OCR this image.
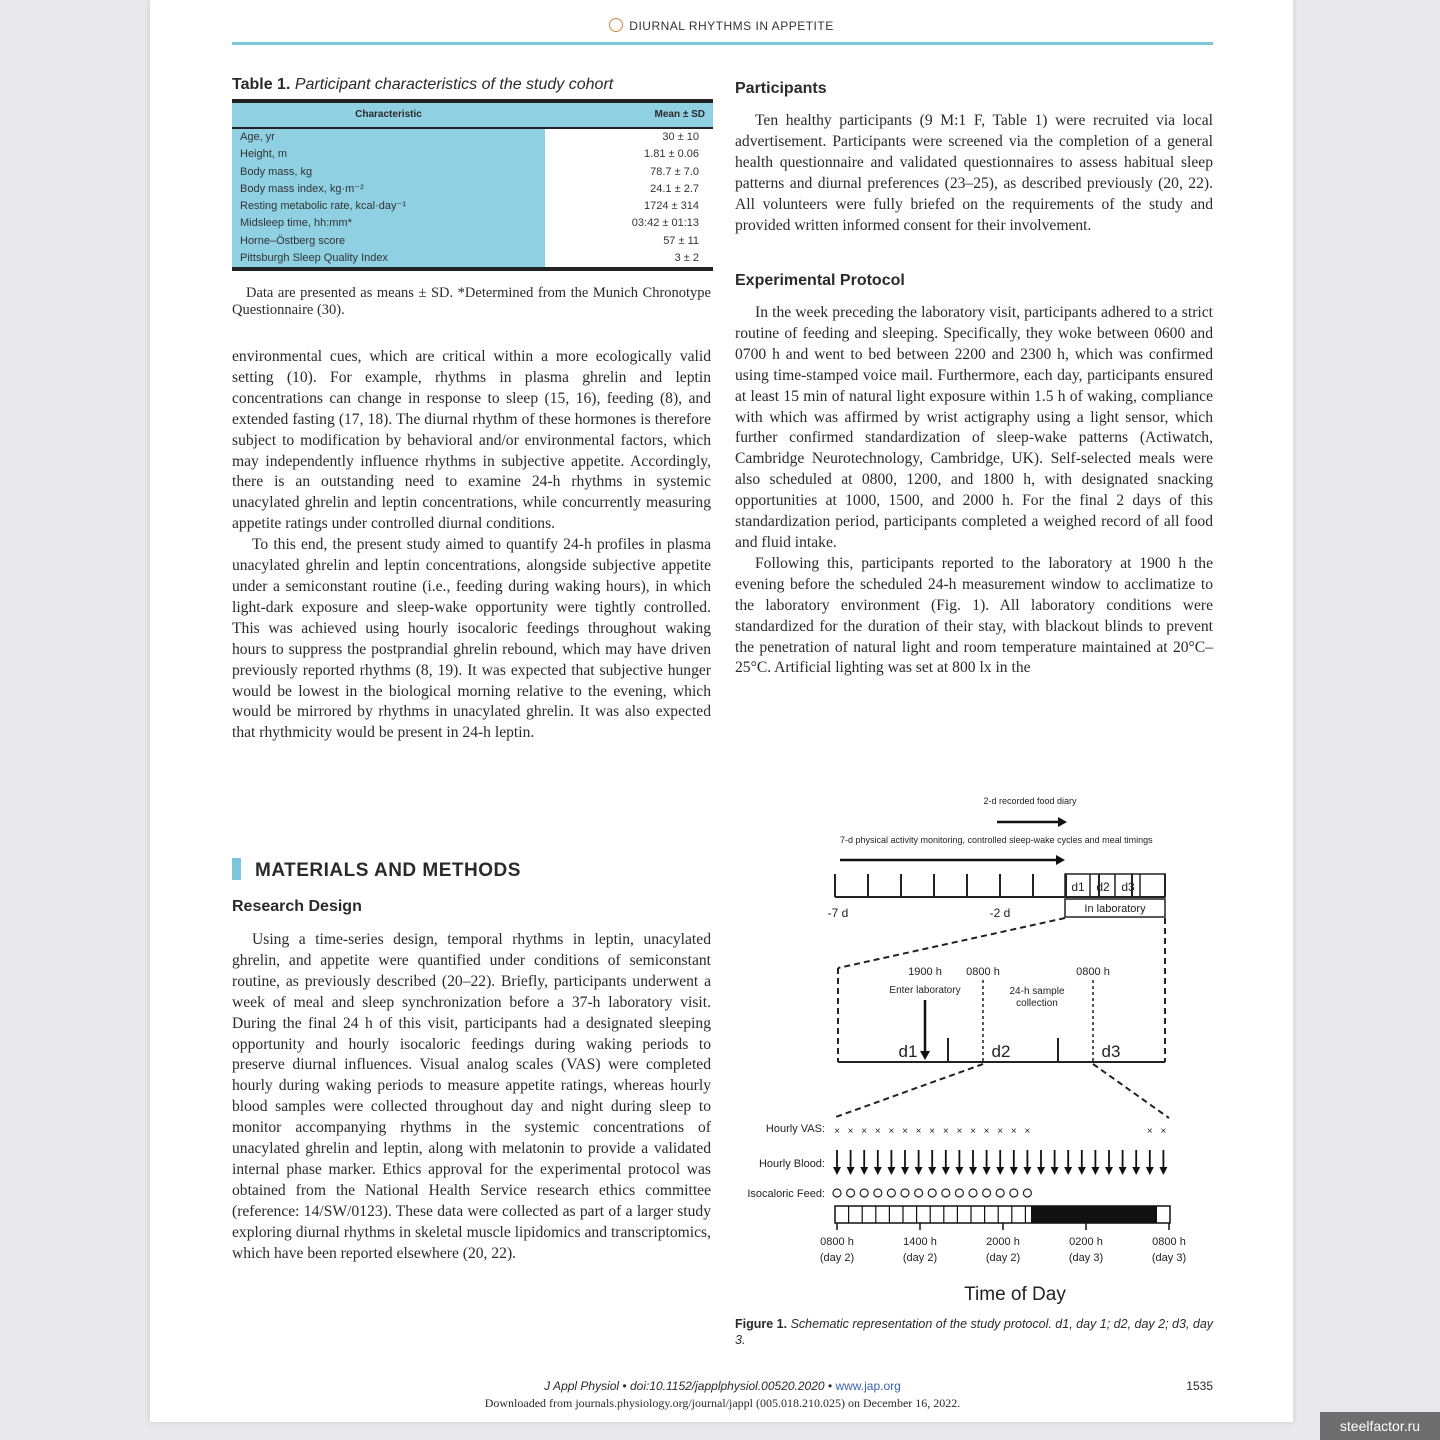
DIURNAL RHYTHMS IN APPETITE
Table 1. Participant characteristics of the study cohort
Characteristic	Mean ± SD
Age, yr	30 ± 10
Height, m	1.81 ± 0.06
Body mass, kg	78.7 ± 7.0
Body mass index, kg·m⁻²	24.1 ± 2.7
Resting metabolic rate, kcal·day⁻¹	1724 ± 314
Midsleep time, hh:mm*	03:42 ± 01:13
Horne–Östberg score	57 ± 11
Pittsburgh Sleep Quality Index	3 ± 2
Data are presented as means ± SD. *Determined from the Munich Chronotype Questionnaire (30).

environmental cues, which are critical within a more ecologically valid setting (10). For example, rhythms in plasma ghrelin and leptin concentrations can change in response to sleep (15, 16), feeding (8), and extended fasting (17, 18). The diurnal rhythm of these hormones is therefore subject to modification by behavioral and/or environmental factors, which may independently influence rhythms in subjective appetite. Accordingly, there is an outstanding need to examine 24-h rhythms in systemic unacylated ghrelin and leptin concentrations, while concurrently measuring appetite ratings under controlled diurnal conditions.

To this end, the present study aimed to quantify 24-h profiles in plasma unacylated ghrelin and leptin concentrations, alongside subjective appetite under a semiconstant routine (i.e., feeding during waking hours), in which light-dark exposure and sleep-wake opportunity were tightly controlled. This was achieved using hourly isocaloric feedings throughout waking hours to suppress the postprandial ghrelin rebound, which may have driven previously reported rhythms (8, 19). It was expected that subjective hunger would be lowest in the biological morning relative to the evening, which would be mirrored by rhythms in unacylated ghrelin. It was also expected that rhythmicity would be present in 24-h leptin.

MATERIALS AND METHODS
Research Design

Using a time-series design, temporal rhythms in leptin, unacylated ghrelin, and appetite were quantified under conditions of semiconstant routine, as previously described (20–22). Briefly, participants underwent a week of meal and sleep synchronization before a 37-h laboratory visit. During the final 24 h of this visit, participants had a designated sleeping opportunity and hourly isocaloric feedings during waking periods to preserve diurnal influences. Visual analog scales (VAS) were completed hourly during waking periods to measure appetite ratings, whereas hourly blood samples were collected throughout day and night during sleep to monitor accompanying rhythms in the systemic concentrations of unacylated ghrelin and leptin, along with melatonin to provide a validated internal phase marker. Ethics approval for the experimental protocol was obtained from the National Health Service research ethics committee (reference: 14/SW/0123). These data were collected as part of a larger study exploring diurnal rhythms in skeletal muscle lipidomics and transcriptomics, which have been reported elsewhere (20, 22).

Participants

Ten healthy participants (9 M:1 F, Table 1) were recruited via local advertisement. Participants were screened via the completion of a general health questionnaire and validated questionnaires to assess habitual sleep patterns and diurnal preferences (23–25), as described previously (20, 22). All volunteers were fully briefed on the requirements of the study and provided written informed consent for their involvement.

Experimental Protocol

In the week preceding the laboratory visit, participants adhered to a strict routine of feeding and sleeping. Specifically, they woke between 0600 and 0700 h and went to bed between 2200 and 2300 h, which was confirmed using time-stamped voice mail. Furthermore, each day, participants ensured at least 15 min of natural light exposure within 1.5 h of waking, compliance with which was affirmed by wrist actigraphy using a light sensor, which further confirmed standardization of sleep-wake patterns (Actiwatch, Cambridge Neurotechnology, Cambridge, UK). Self-selected meals were also scheduled at 0800, 1200, and 1800 h, with designated snacking opportunities at 1000, 1500, and 2000 h. For the final 2 days of this standardization period, participants completed a weighed record of all food and fluid intake.

Following this, participants reported to the laboratory at 1900 h the evening before the scheduled 24-h measurement window to acclimatize to the laboratory environment (Fig. 1). All laboratory conditions were standardized for the duration of their stay, with blackout blinds to prevent the penetration of natural light and room temperature maintained at 20°C–25°C. Artificial lighting was set at 800 lx in the

2-d recorded food diary
7-d physical activity monitoring, controlled sleep-wake cycles and meal timings
d1 d2 d3
-7 d	-2 d	In laboratory
1900 h 0800 h	0800 h
Enter laboratory	24-h sample collection
d1	d2	d3
Hourly VAS:
Hourly Blood:
Isocaloric Feed:
× × × × × × × × × × × × × × ×	× ×
0800 h
(day 2)
1400 h
(day 2)
2000 h
(day 2)
0200 h
(day 3)
0800 h
(day 3)
Time of Day
Figure 1. Schematic representation of the study protocol. d1, day 1; d2, day 2; d3, day 3.
J Appl Physiol • doi:10.1152/japplphysiol.00520.2020 • www.jap.org
Downloaded from journals.physiology.org/journal/jappl (005.018.210.025) on December 16, 2022.
1535
steelfactor.ru
